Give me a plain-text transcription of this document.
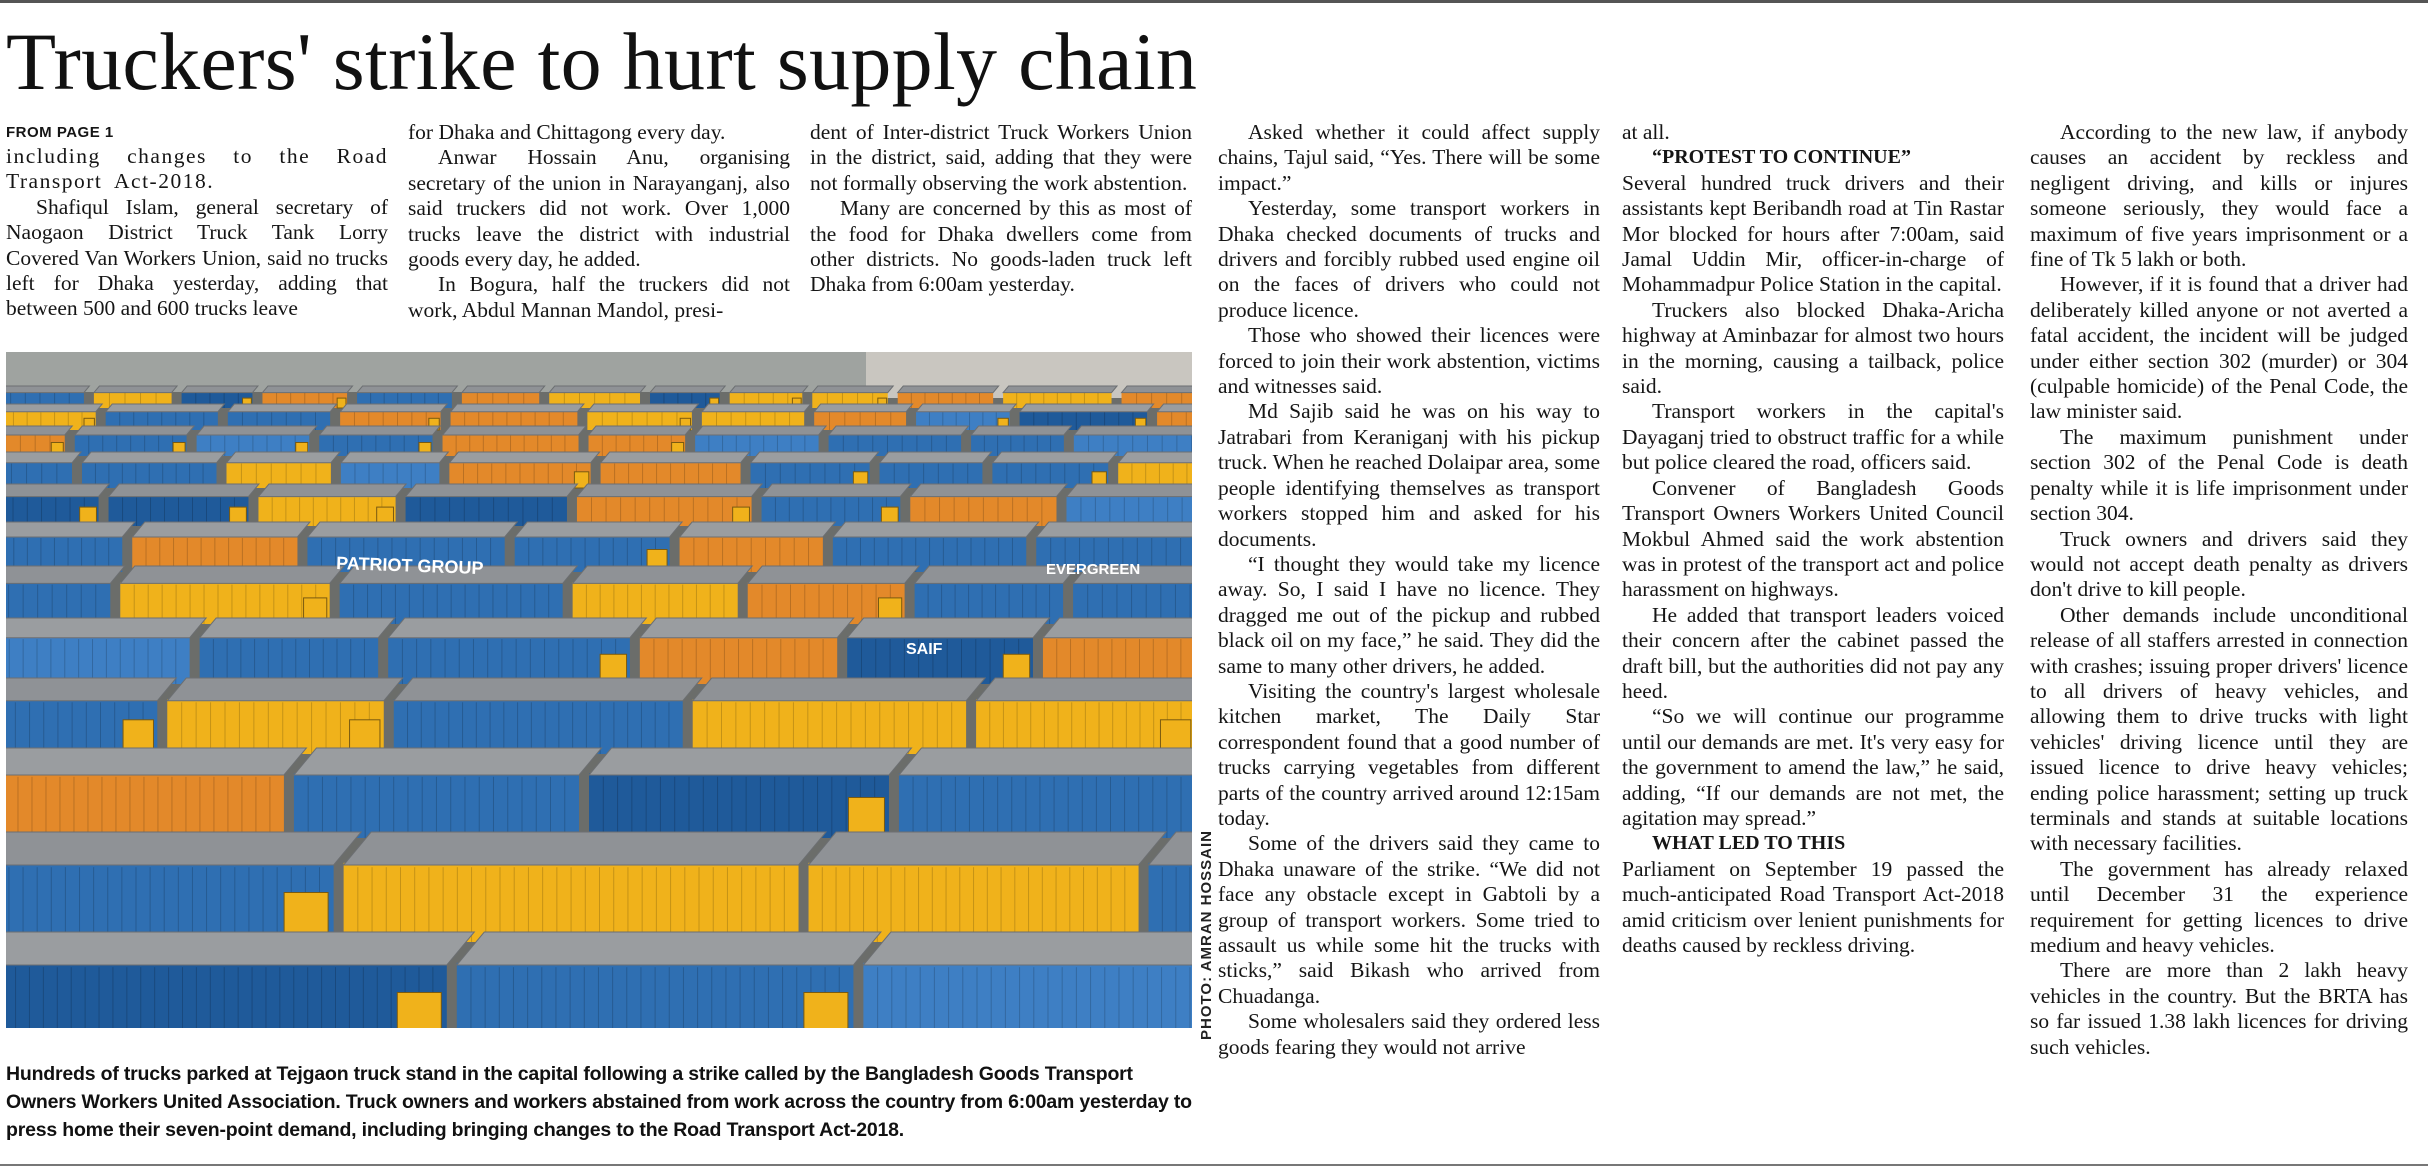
Truckers' strike to hurt supply chain
FROM PAGE 1

including changes to the Road Transport Act-2018.

Shafiqul Islam, general secretary of Naogaon District Truck Tank Lorry Covered Van Workers Union, said no trucks left for Dhaka yesterday, adding that between 500 and 600 trucks leave

for Dhaka and Chittagong every day.

Anwar Hossain Anu, organising secretary of the union in Narayanganj, also said truckers did not work. Over 1,000 trucks leave the district with industrial goods every day, he added.

In Bogura, half the truckers did not work, Abdul Mannan Mandol, presi-

dent of Inter-district Truck Workers Union in the district, said, adding that they were not formally observing the work abstention.

Many are concerned by this as most of the food for Dhaka dwellers come from other districts. No goods-laden truck left Dhaka from 6:00am yesterday.

PATRIOT GROUP	EVERGREEN
SAIF
PHOTO: AMRAN HOSSAIN
Hundreds of trucks parked at Tejgaon truck stand in the capital following a strike called by the Bangladesh Goods Transport Owners Workers United Association. Truck owners and workers abstained from work across the country from 6:00am yesterday to press home their seven-point demand, including bringing changes to the Road Transport Act-2018.

Asked whether it could affect supply chains, Tajul said, “Yes. There will be some impact.”

Yesterday, some transport workers in Dhaka checked documents of trucks and drivers and forcibly rubbed used engine oil on the faces of drivers who could not produce licence.

Those who showed their licences were forced to join their work abstention, victims and witnesses said.

Md Sajib said he was on his way to Jatrabari from Keraniganj with his pickup truck. When he reached Dolaipar area, some people identifying themselves as transport workers stopped him and asked for his documents.

“I thought they would take my licence away. So, I said I have no licence. They dragged me out of the pickup and rubbed black oil on my face,” he said. They did the same to many other drivers, he added.

Visiting the country's largest wholesale kitchen market, The Daily Star correspondent found that a good number of trucks carrying vegetables from different parts of the country arrived around 12:15am today.

Some of the drivers said they came to Dhaka unaware of the strike. “We did not face any obstacle except in Gabtoli by a group of transport workers. Some tried to assault us while some hit the trucks with sticks,” said Bikash who arrived from Chuadanga.

Some wholesalers said they ordered less goods fearing they would not arrive

at all.

“PROTEST TO CONTINUE”

Several hundred truck drivers and their assistants kept Beribandh road at Tin Rastar Mor blocked for hours after 7:00am, said Jamal Uddin Mir, officer-in-charge of Mohammadpur Police Station in the capital.

Truckers also blocked Dhaka-Aricha highway at Aminbazar for almost two hours in the morning, causing a tailback, police said.

Transport workers in the capital's Dayaganj tried to obstruct traffic for a while but police cleared the road, officers said.

Convener of Bangladesh Goods Transport Owners Workers United Council Mokbul Ahmed said the work abstention was in protest of the transport act and police harassment on highways.

He added that transport leaders voiced their concern after the cabinet passed the draft bill, but the authorities did not pay any heed.

“So we will continue our programme until our demands are met. It's very easy for the government to amend the law,” he said, adding, “If our demands are not met, the agitation may spread.”

WHAT LED TO THIS

Parliament on September 19 passed the much-anticipated Road Transport Act-2018 amid criticism over lenient punishments for deaths caused by reckless driving.

According to the new law, if anybody causes an accident by reckless and negligent driving, and kills or injures someone seriously, they would face a maximum of five years imprisonment or a fine of Tk 5 lakh or both.

However, if it is found that a driver had deliberately killed anyone or not averted a fatal accident, the incident will be judged under either section 302 (murder) or 304 (culpable homicide) of the Penal Code, the law minister said.

The maximum punishment under section 302 of the Penal Code is death penalty while it is life imprisonment under section 304.

Truck owners and drivers said they would not accept death penalty as drivers don't drive to kill people.

Other demands include unconditional release of all staffers arrested in connection with crashes; issuing proper drivers' licence to all drivers of heavy vehicles, and allowing them to drive trucks with light vehicles' driving licence until they are issued licence to drive heavy vehicles; ending police harassment; setting up truck terminals and stands at suitable locations with necessary facilities.

The government has already relaxed until December 31 the experience requirement for getting licences to drive medium and heavy vehicles.

There are more than 2 lakh heavy vehicles in the country. But the BRTA has so far issued 1.38 lakh licences for driving such vehicles.
